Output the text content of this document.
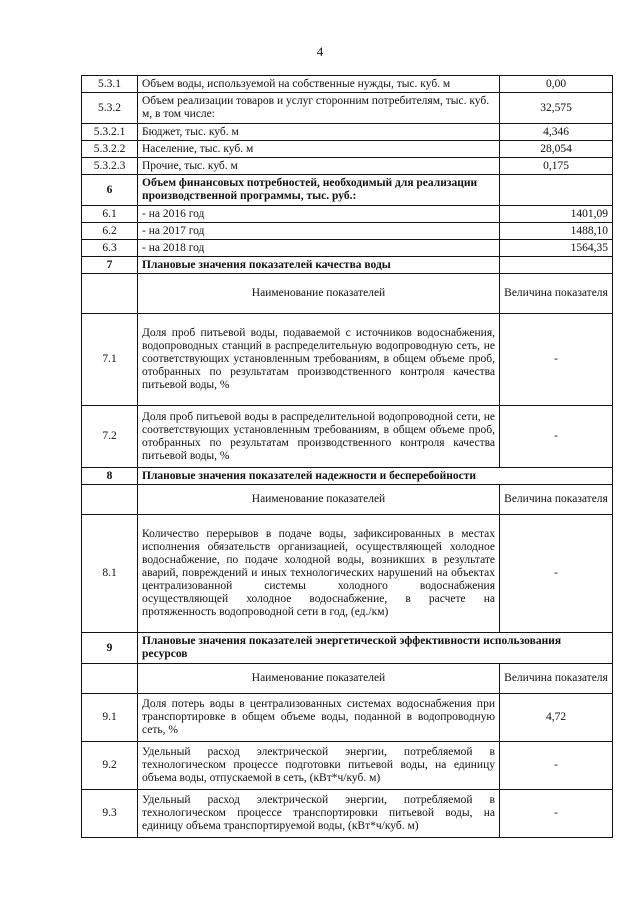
4
5.3.1	Объем воды, используемой на собственные нужды, тыс. куб. м	0,00
5.3.2	Объем реализации товаров и услуг сторонним потребителям, тыс. куб. м, в том числе:	32,575
5.3.2.1	Бюджет, тыс. куб. м	4,346
5.3.2.2	Население, тыс. куб. м	28,054
5.3.2.3	Прочие, тыс. куб. м	0,175
6	Объем финансовых потребностей, необходимый для реализации производственной программы, тыс. руб.:	
6.1	- на 2016 год	1401,09
6.2	- на 2017 год	1488,10
6.3	- на 2018 год	1564,35
7	Плановые значения показателей качества воды	
	Наименование показателей	Величина показателя
7.1	Доля проб питьевой воды, подаваемой с источников водоснабжения, водопроводных станций в распределительную водопроводную сеть, не соответствующих установленным требованиям, в общем объеме проб, отобранных по результатам производственного контроля качества питьевой воды, %	-
7.2	Доля проб питьевой воды в распределительной водопроводной сети, не соответствующих установленным требованиям, в общем объеме проб, отобранных по результатам производственного контроля качества питьевой воды, %	-
8	Плановые значения показателей надежности и бесперебойности	
	Наименование показателей	Величина показателя
8.1	Количество перерывов в подаче воды, зафиксированных в местах исполнения обязательств организацией, осуществляющей холодное водоснабжение, по подаче холодной воды, возникших в результате аварий, повреждений и иных технологических нарушений на объектах централизованной системы холодного водоснабжения осуществляющей холодное водоснабжение, в расчете на протяженность водопроводной сети в год, (ед./км)	-
9	Плановые значения показателей энергетической эффективности использования ресурсов	
	Наименование показателей	Величина показателя
9.1	Доля потерь воды в централизованных системах водоснабжения при транспортировке в общем объеме воды, поданной в водопроводную сеть, %	4,72
9.2	Удельный расход электрической энергии, потребляемой в технологическом процессе подготовки питьевой воды, на единицу объема воды, отпускаемой в сеть, (кВт*ч/куб. м)	-
9.3	Удельный расход электрической энергии, потребляемой в технологическом процессе транспортировки питьевой воды, на единицу объема транспортируемой воды, (кВт*ч/куб. м)	-
